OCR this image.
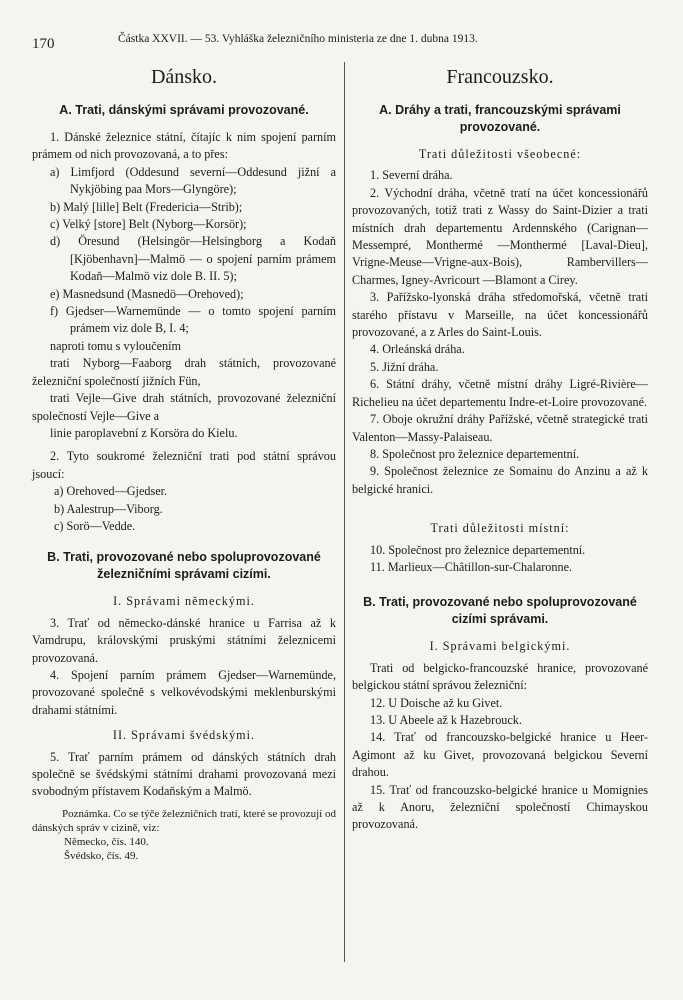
170	Částka XXVII. — 53. Vyhláška železničního ministeria ze dne 1. dubna 1913.
Dánsko.
A. Trati, dánskými správami provozované.

1. Dánské železnice státní, čítajíc k nim spojení parním prámem od nich provozovaná, a to přes:

a) Limfjord (Oddesund severní—Oddesund jižní a Nykjöbing paa Mors—Glyngöre);

b) Malý [lille] Belt (Fredericia—Strib);

c) Velký [store] Belt (Nyborg—Korsör);

d) Öresund (Helsingör—Helsingborg a Kodaň [Kjöbenhavn]—Malmö — o spojení parním prámem Kodaň—Malmö viz dole B. II. 5);

e) Masnedsund (Masnedö—Orehoved);

f) Gjedser—Warnemünde — o tomto spojení parním prámem viz dole B, I. 4;

naproti tomu s vyloučením

trati Nyborg—Faaborg drah státních, provozované železniční společností jižních Fün,

trati Vejle—Give drah státních, provozované železniční společností Vejle—Give a

linie paroplavební z Korsöra do Kielu.

2. Tyto soukromé železniční trati pod státní správou jsoucí:

a) Orehoved—Gjedser.

b) Aalestrup—Viborg.

c) Sorö—Vedde.

B. Trati, provozované nebo spoluprovozované železničními správami cizími.
I. Správami německými.

3. Trať od německo-dánské hranice u Farrisa až k Vamdrupu, královskými pruskými státními železnicemi provozovaná.

4. Spojení parním prámem Gjedser—Warnemünde, provozované společně s velkovévodskými meklenburskými drahami státními.

II. Správami švédskými.

5. Trať parním prámem od dánských státních drah společně se švédskými státními drahami provozovaná mezi svobodným přístavem Kodaňským a Malmö.

Poznámka. Co se týče železničních tratí, které se provozují od dánských správ v cizině, viz:

Německo, čís. 140.

Švédsko, čís. 49.

Francouzsko.
A. Dráhy a trati, francouzskými správami provozované.
Trati důležitosti všeobecné:

1. Severní dráha.

2. Východní dráha, včetně tratí na účet koncessionářů provozovaných, totiž trati z Wassy do Saint-Dizier a trati místních drah departementu Ardennského (Carignan—Messempré, Monthermé —Monthermé [Laval-Dieu], Vrigne-Meuse—Vrigne-aux-Bois), Rambervillers—Charmes, Igney-Avricourt —Blamont a Cirey.

3. Pařížsko-lyonská dráha středomořská, včetně trati starého přístavu v Marseille, na účet koncessionářů provozované, a z Arles do Saint-Louis.

4. Orleánská dráha.

5. Jižní dráha.

6. Státní dráhy, včetně místní dráhy Ligré-Rivière—Richelieu na účet departementu Indre-et-Loire provozované.

7. Oboje okružní dráhy Pařížské, včetně strategické trati Valenton—Massy-Palaiseau.

8. Společnost pro železnice departementní.

9. Společnost železnice ze Somainu do Anzinu a až k belgické hranici.

Trati důležitosti místní:

10. Společnost pro železnice departementní.

11. Marlieux—Châtillon-sur-Chalaronne.

B. Trati, provozované nebo spoluprovozované cizími správami.
I. Správami belgickými.

Trati od belgicko-francouzské hranice, provozované belgickou státní správou železniční:

12. U Doische až ku Givet.

13. U Abeele až k Hazebrouck.

14. Trať od francouzsko-belgické hranice u Heer-Agimont až ku Givet, provozovaná belgickou Severní drahou.

15. Trať od francouzsko-belgické hranice u Momignies až k Anoru, železniční společností Chimayskou provozovaná.
